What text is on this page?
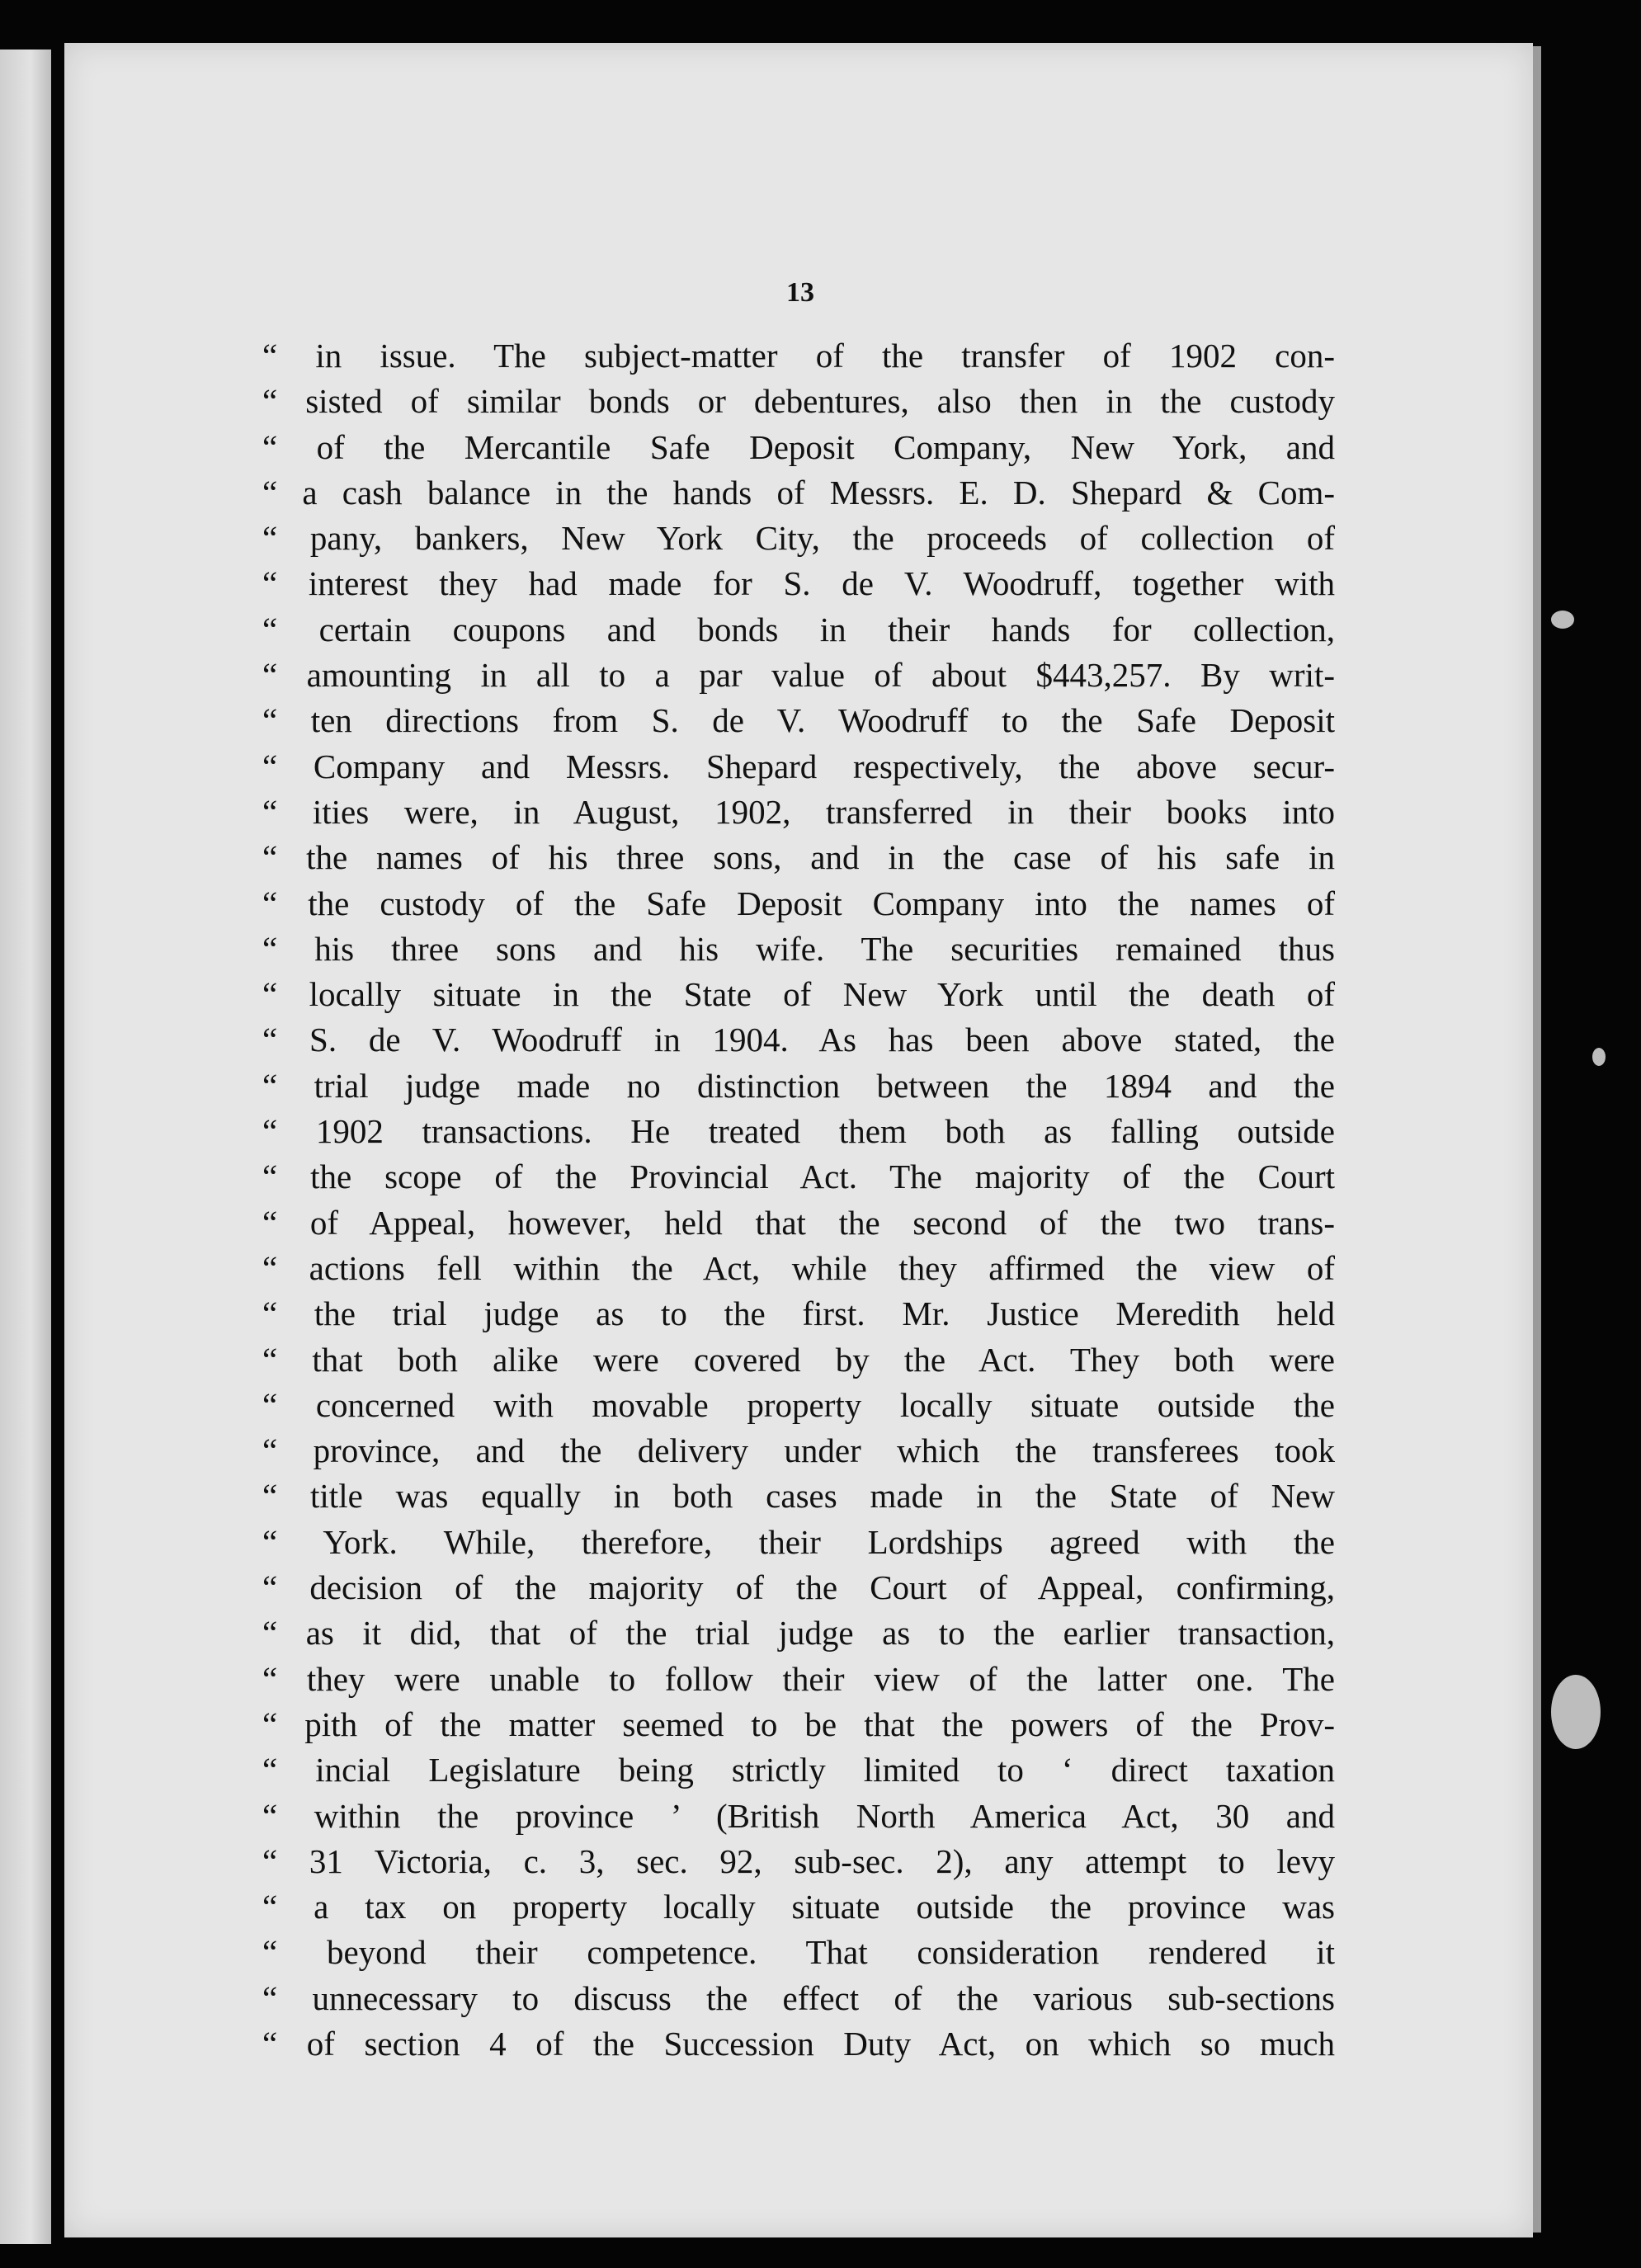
13
“ in issue. The subject-matter of the transfer of 1902 con-
“ sisted of similar bonds or debentures, also then in the custody
“ of the Mercantile Safe Deposit Company, New York, and
“ a cash balance in the hands of Messrs. E. D. Shepard & Com-
“ pany, bankers, New York City, the proceeds of collection of
“ interest they had made for S. de V. Woodruff, together with
“ certain coupons and bonds in their hands for collection,
“ amounting in all to a par value of about $443,257. By writ-
“ ten directions from S. de V. Woodruff to the Safe Deposit
“ Company and Messrs. Shepard respectively, the above secur-
“ ities were, in August, 1902, transferred in their books into
“ the names of his three sons, and in the case of his safe in
“ the custody of the Safe Deposit Company into the names of
“ his three sons and his wife. The securities remained thus
“ locally situate in the State of New York until the death of
“ S. de V. Woodruff in 1904. As has been above stated, the
“ trial judge made no distinction between the 1894 and the
“ 1902 transactions. He treated them both as falling outside
“ the scope of the Provincial Act. The majority of the Court
“ of Appeal, however, held that the second of the two trans-
“ actions fell within the Act, while they affirmed the view of
“ the trial judge as to the first. Mr. Justice Meredith held
“ that both alike were covered by the Act. They both were
“ concerned with movable property locally situate outside the
“ province, and the delivery under which the transferees took
“ title was equally in both cases made in the State of New
“ York. While, therefore, their Lordships agreed with the
“ decision of the majority of the Court of Appeal, confirming,
“ as it did, that of the trial judge as to the earlier transaction,
“ they were unable to follow their view of the latter one. The
“ pith of the matter seemed to be that the powers of the Prov-
“ incial Legislature being strictly limited to ‘ direct taxation
“ within the province ’ (British North America Act, 30 and
“ 31 Victoria, c. 3, sec. 92, sub-sec. 2), any attempt to levy
“ a tax on property locally situate outside the province was
“ beyond their competence. That consideration rendered it
“ unnecessary to discuss the effect of the various sub-sections
“ of section 4 of the Succession Duty Act, on which so much
